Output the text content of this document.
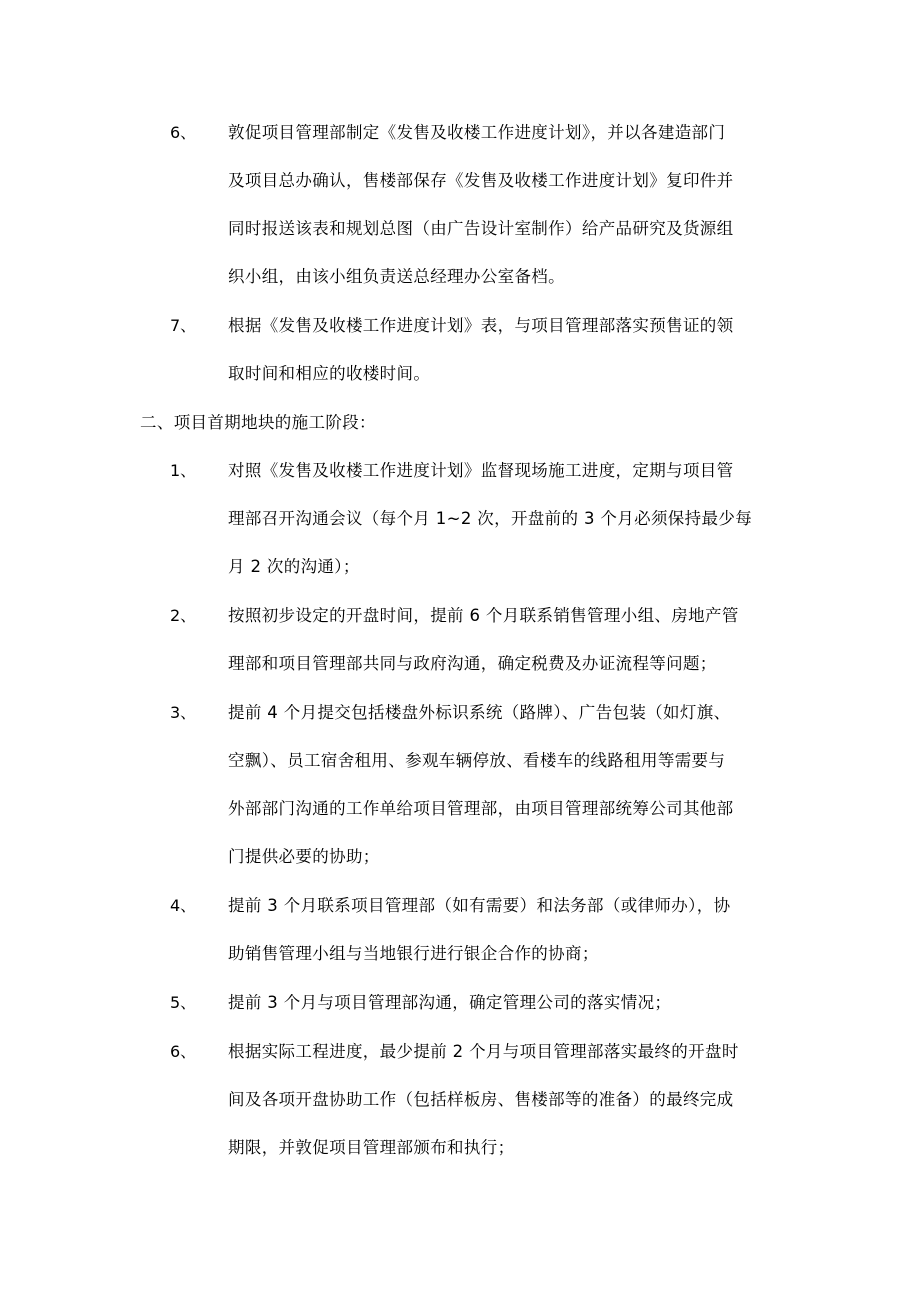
6、 敦促项目管理部制定《发售及收楼工作进度计划》，并以各建造部门
及项目总办确认，售楼部保存《发售及收楼工作进度计划》复印件并
同时报送该表和规划总图（由广告设计室制作）给产品研究及货源组
织小组，由该小组负责送总经理办公室备档。
7、 根据《发售及收楼工作进度计划》表，与项目管理部落实预售证的领
取时间和相应的收楼时间。
二、项目首期地块的施工阶段：
1、 对照《发售及收楼工作进度计划》监督现场施工进度，定期与项目管
理部召开沟通会议（每个月 1~2 次，开盘前的 3 个月必须保持最少每
月 2 次的沟通）；
2、 按照初步设定的开盘时间，提前 6 个月联系销售管理小组、房地产管
理部和项目管理部共同与政府沟通，确定税费及办证流程等问题；
3、 提前 4 个月提交包括楼盘外标识系统（路牌）、广告包装（如灯旗、
空飘）、员工宿舍租用、参观车辆停放、看楼车的线路租用等需要与
外部部门沟通的工作单给项目管理部，由项目管理部统筹公司其他部
门提供必要的协助；
4、 提前 3 个月联系项目管理部（如有需要）和法务部（或律师办），协
助销售管理小组与当地银行进行银企合作的协商；
5、 提前 3 个月与项目管理部沟通，确定管理公司的落实情况；
6、 根据实际工程进度，最少提前 2 个月与项目管理部落实最终的开盘时
间及各项开盘协助工作（包括样板房、售楼部等的准备）的最终完成
期限，并敦促项目管理部颁布和执行；
